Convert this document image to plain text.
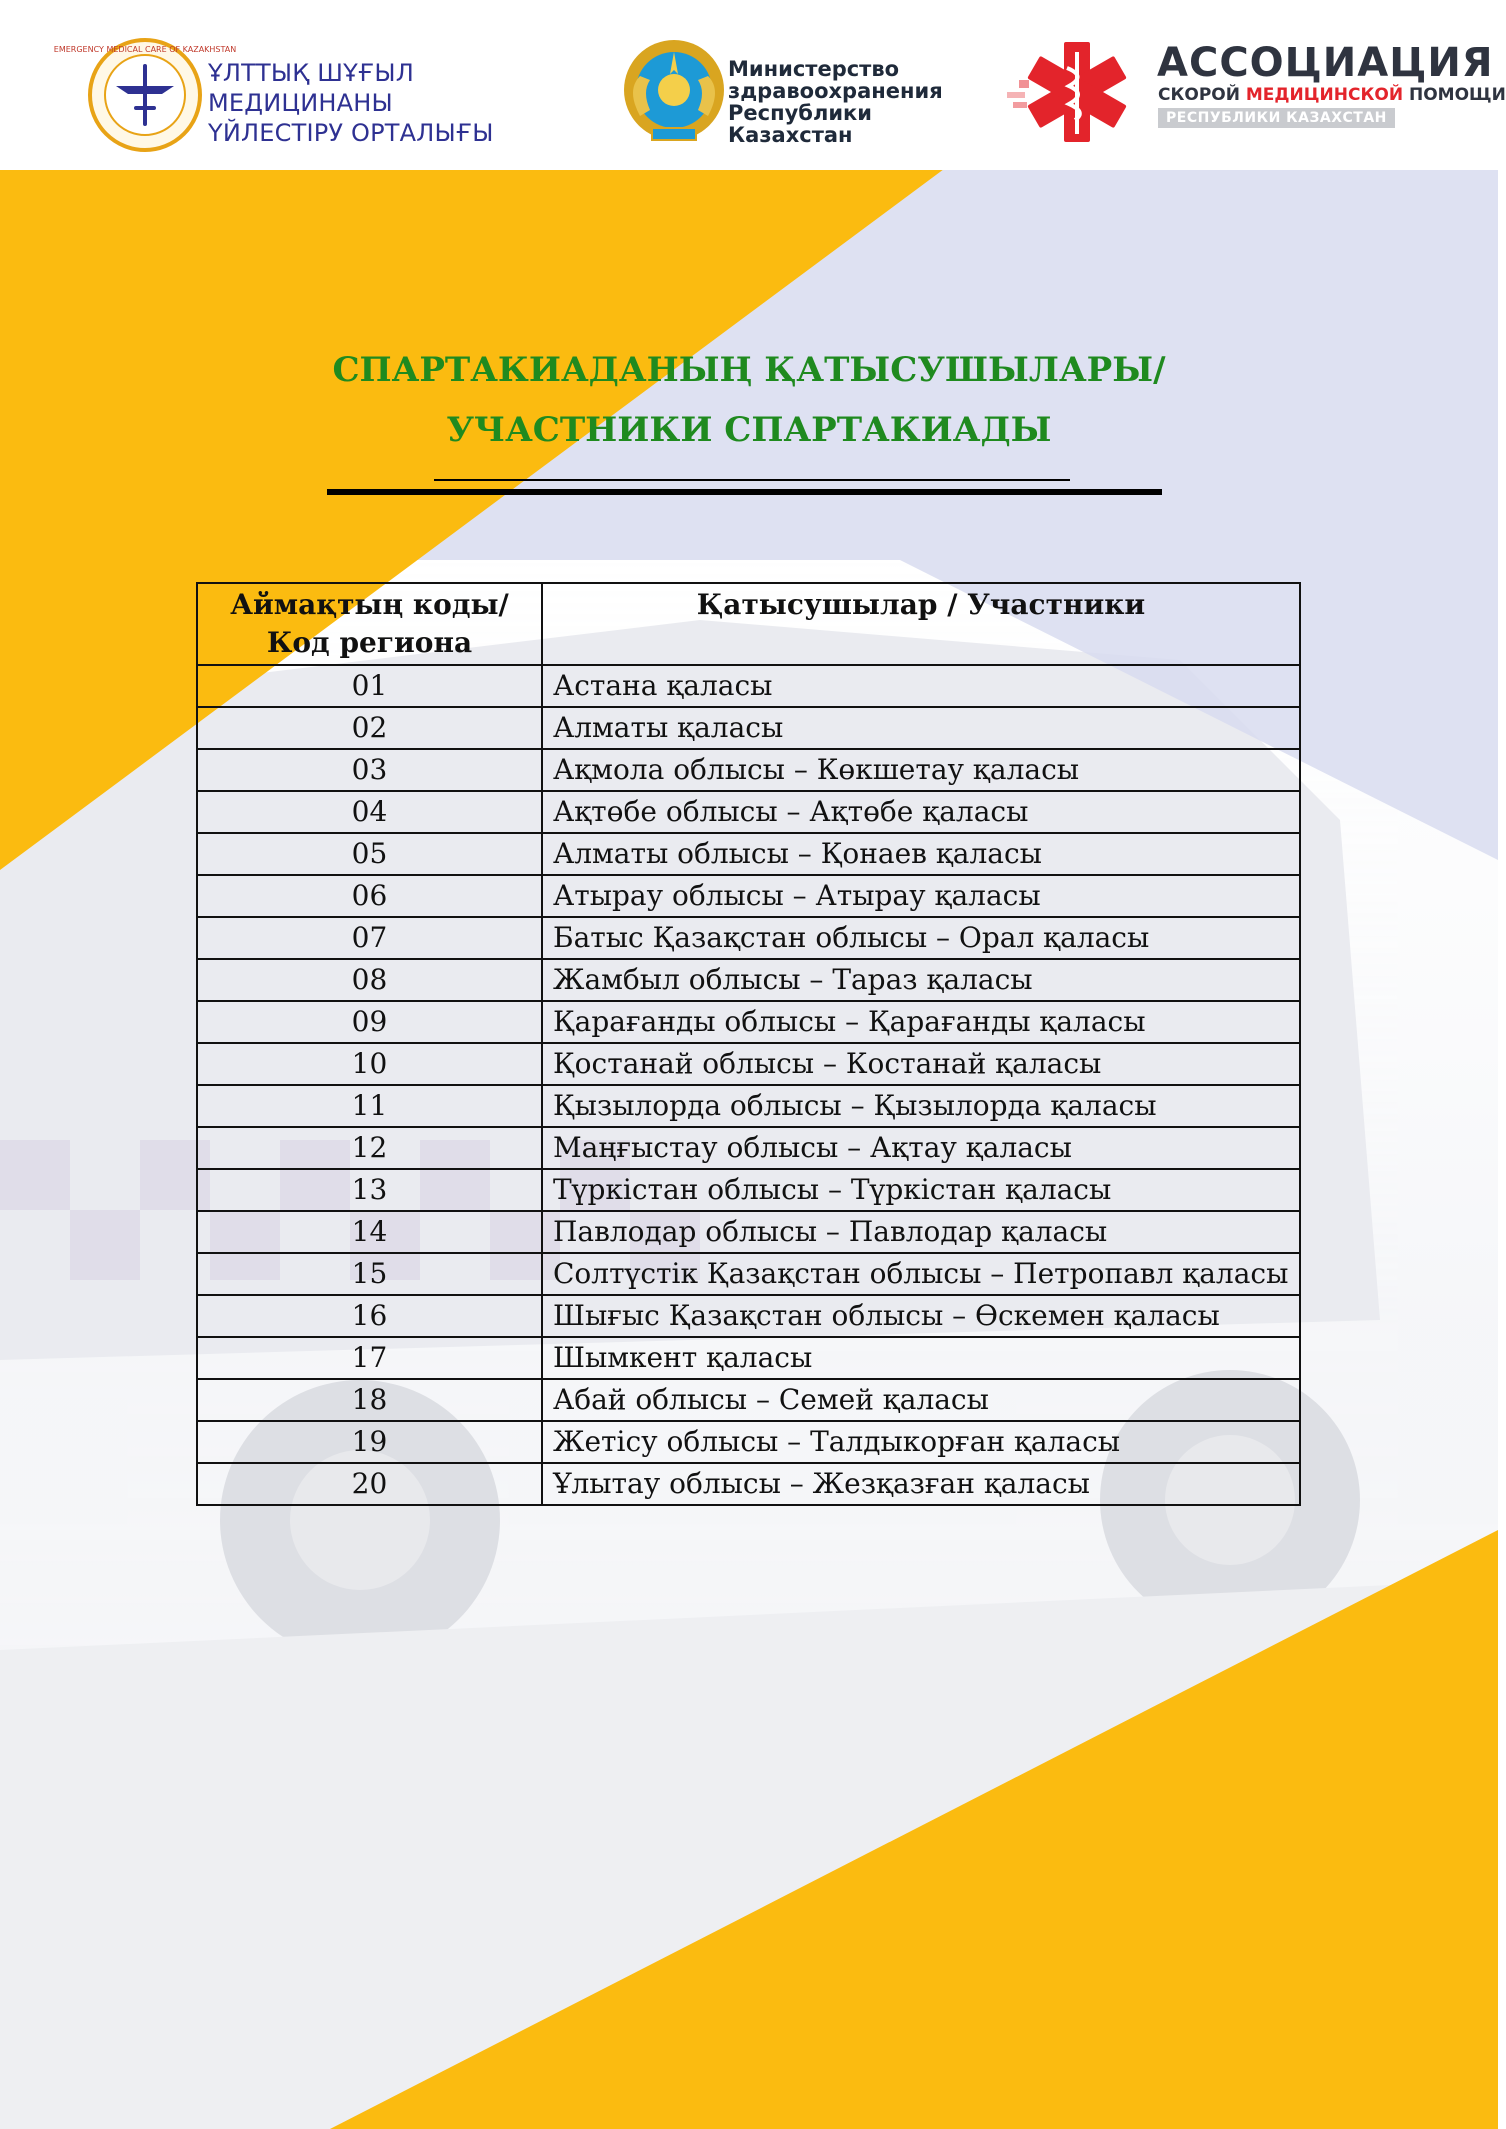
EMERGENCY MEDICAL CARE OF KAZAKHSTAN
ҰЛТТЫҚ ШҰҒЫЛ МЕДИЦИНАНЫ
ҮЙЛЕСТІРУ ОРТАЛЫҒЫ
Министерство
здравоохранения
Республики Казахстан
АССОЦИАЦИЯ
СКОРОЙ МЕДИЦИНСКОЙ ПОМОЩИ
РЕСПУБЛИКИ КАЗАХСТАН
СПАРТАКИАДАНЫҢ ҚАТЫСУШЫЛАРЫ/
УЧАСТНИКИ СПАРТАКИАДЫ
Аймақтың коды/
Код региона	Қатысушылар / Участники
01	Астана қаласы
02	Алматы қаласы
03	Ақмола облысы – Көкшетау қаласы
04	Ақтөбе облысы – Ақтөбе қаласы
05	Алматы облысы – Қонаев қаласы
06	Атырау облысы – Атырау қаласы
07	Батыс Қазақстан облысы – Орал қаласы
08	Жамбыл облысы – Тараз қаласы
09	Қарағанды облысы – Қарағанды қаласы
10	Қостанай облысы – Костанай қаласы
11	Қызылорда облысы – Қызылорда қаласы
12	Маңғыстау облысы – Ақтау қаласы
13	Түркістан облысы – Түркістан қаласы
14	Павлодар облысы – Павлодар қаласы
15	Солтүстік Қазақстан облысы – Петропавл қаласы
16	Шығыс Қазақстан облысы – Өскемен қаласы
17	Шымкент қаласы
18	Абай облысы – Семей қаласы
19	Жетісу облысы – Талдыкорған қаласы
20	Ұлытау облысы – Жезқазған қаласы
